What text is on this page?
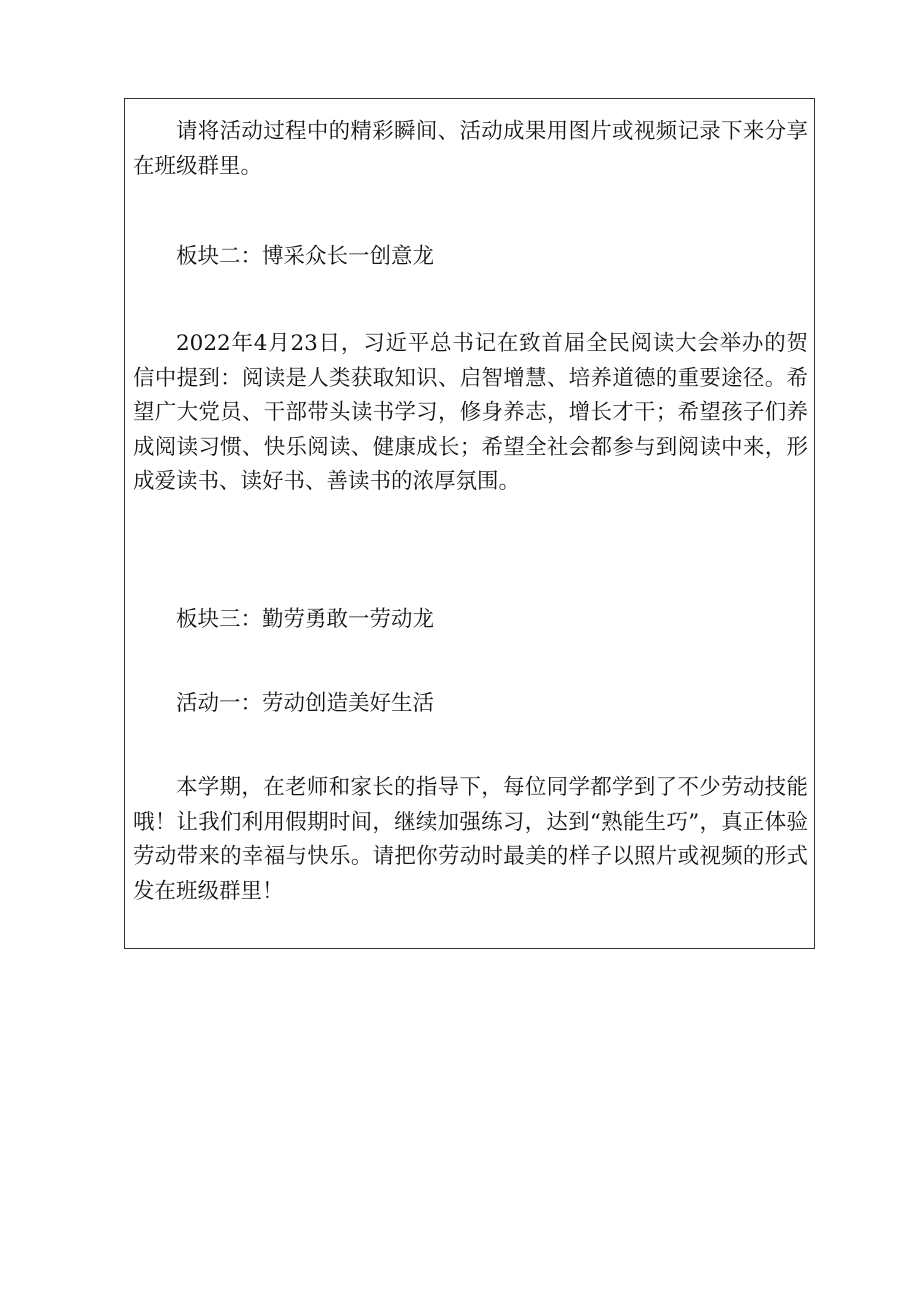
请将活动过程中的精彩瞬间、活动成果用图片或视频记录下来分享在班级群里。

板块二：博采众长一创意龙

2022年4月23日，习近平总书记在致首届全民阅读大会举办的贺信中提到：阅读是人类获取知识、启智增慧、培养道德的重要途径。希望广大党员、干部带头读书学习，修身养志，增长才干；希望孩子们养成阅读习惯、快乐阅读、健康成长；希望全社会都参与到阅读中来，形成爱读书、读好书、善读书的浓厚氛围。

板块三：勤劳勇敢一劳动龙

活动一：劳动创造美好生活

本学期，在老师和家长的指导下，每位同学都学到了不少劳动技能哦！让我们利用假期时间，继续加强练习，达到“熟能生巧”，真正体验劳动带来的幸福与快乐。请把你劳动时最美的样子以照片或视频的形式发在班级群里！
